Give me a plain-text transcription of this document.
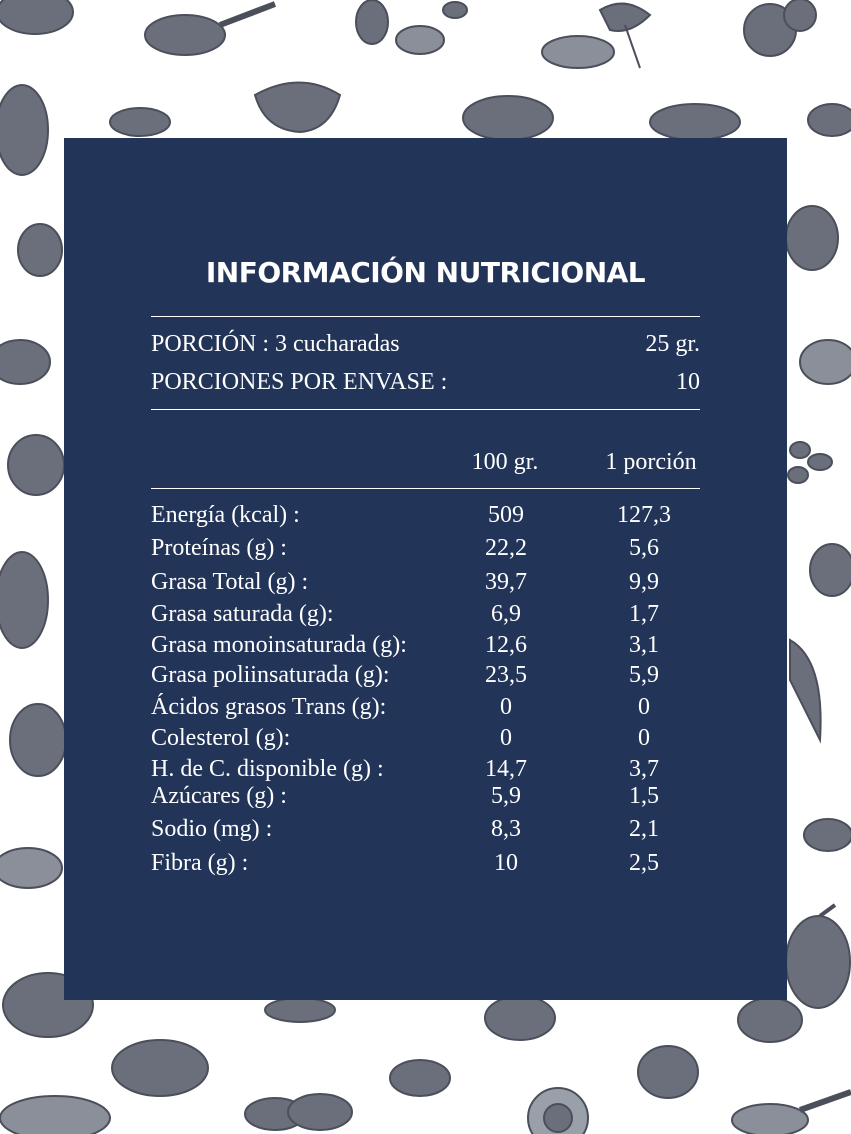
INFORMACIÓN NUTRICIONAL
PORCIÓN : 3 cucharadas	25 gr.
PORCIONES POR ENVASE :	10
100 gr.	1 porción
Energía (kcal) :	509	127,3
Proteínas (g) :	22,2	5,6
Grasa Total (g) :	39,7	9,9
Grasa saturada (g):	6,9	1,7
Grasa monoinsaturada (g):	12,6	3,1
Grasa poliinsaturada (g):	23,5	5,9
Ácidos grasos Trans (g):	0	0
Colesterol (g):	0	0
H. de C. disponible (g) :	14,7	3,7
Azúcares (g) :	5,9	1,5
Sodio (mg) :	8,3	2,1
Fibra (g) :	10	2,5
